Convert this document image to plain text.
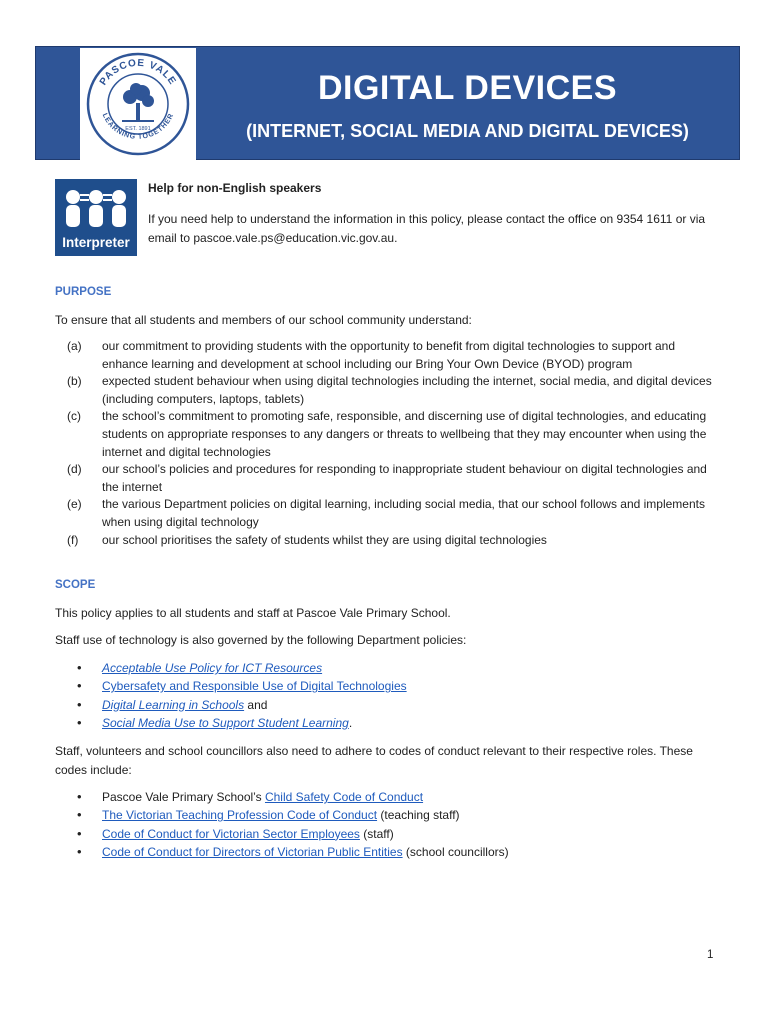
PASCOE VALE
LEARNING TOGETHER
EST. 1891
DIGITAL DEVICES
(INTERNET, SOCIAL MEDIA AND DIGITAL DEVICES)
Interpreter
Help for non-English speakers
If you need help to understand the information in this policy, please contact the office on 9354 1611 or via email to pascoe.vale.ps@education.vic.gov.au.
PURPOSE
To ensure that all students and members of our school community understand:
(a) our commitment to providing students with the opportunity to benefit from digital technologies to support and enhance learning and development at school including our Bring Your Own Device (BYOD) program
(b) expected student behaviour when using digital technologies including the internet, social media, and digital devices (including computers, laptops, tablets)
(c) the school’s commitment to promoting safe, responsible, and discerning use of digital technologies, and educating students on appropriate responses to any dangers or threats to wellbeing that they may encounter when using the internet and digital technologies
(d) our school’s policies and procedures for responding to inappropriate student behaviour on digital technologies and the internet
(e) the various Department policies on digital learning, including social media, that our school follows and implements when using digital technology
(f) our school prioritises the safety of students whilst they are using digital technologies
SCOPE
This policy applies to all students and staff at Pascoe Vale Primary School.
Staff use of technology is also governed by the following Department policies:
• Acceptable Use Policy for ICT Resources
• Cybersafety and Responsible Use of Digital Technologies
• Digital Learning in Schools and
• Social Media Use to Support Student Learning.
Staff, volunteers and school councillors also need to adhere to codes of conduct relevant to their respective roles. These codes include:
• Pascoe Vale Primary School’s Child Safety Code of Conduct
• The Victorian Teaching Profession Code of Conduct (teaching staff)
• Code of Conduct for Victorian Sector Employees (staff)
• Code of Conduct for Directors of Victorian Public Entities (school councillors)
1
